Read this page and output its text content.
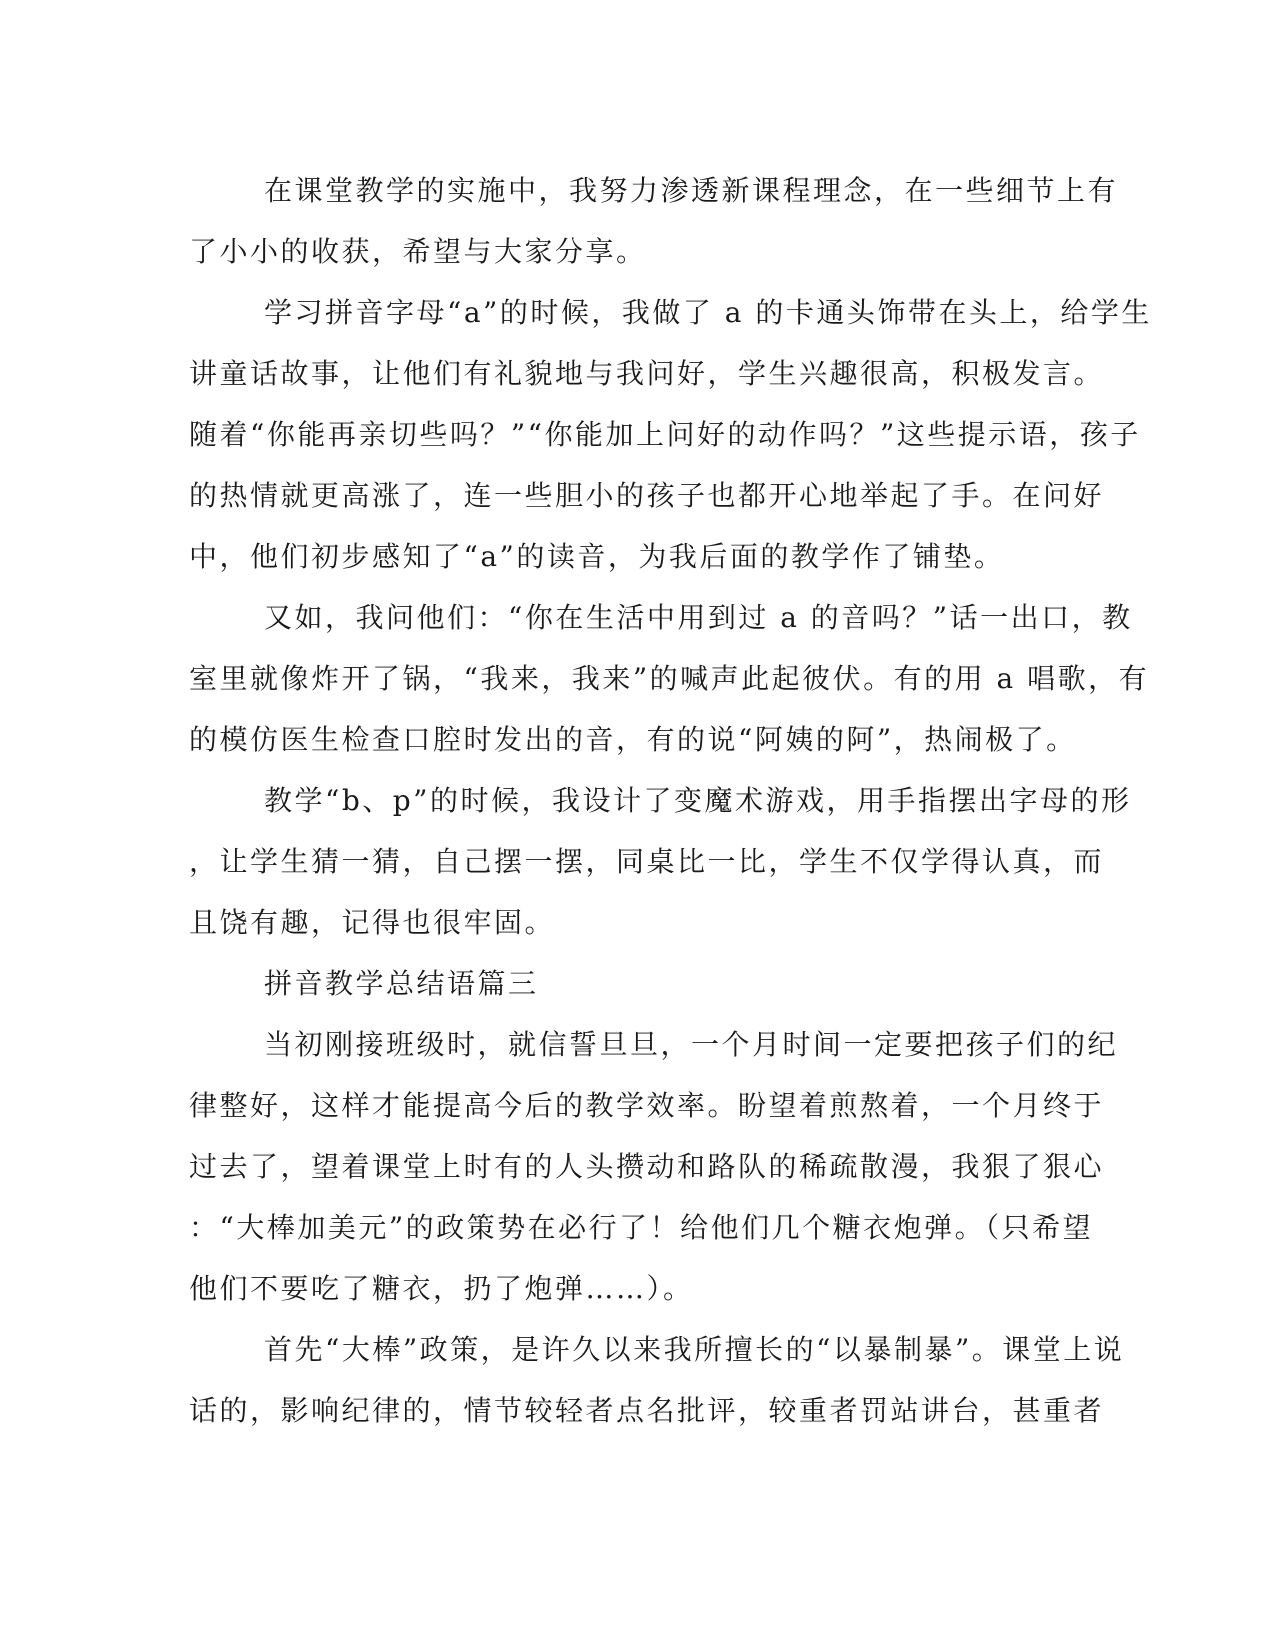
在课堂教学的实施中，我努力渗透新课程理念，在一些细节上有
了小小的收获，希望与大家分享。
学习拼音字母“a”的时候，我做了 a 的卡通头饰带在头上，给学生
讲童话故事，让他们有礼貌地与我问好，学生兴趣很高，积极发言。
随着“你能再亲切些吗？”“你能加上问好的动作吗？”这些提示语，孩子
的热情就更高涨了，连一些胆小的孩子也都开心地举起了手。在问好
中，他们初步感知了“a”的读音，为我后面的教学作了铺垫。
又如，我问他们：“你在生活中用到过 a 的音吗？”话一出口，教
室里就像炸开了锅，“我来，我来”的喊声此起彼伏。有的用 a 唱歌，有
的模仿医生检查口腔时发出的音，有的说“阿姨的阿”，热闹极了。
教学“b、p”的时候，我设计了变魔术游戏，用手指摆出字母的形
，让学生猜一猜，自己摆一摆，同桌比一比，学生不仅学得认真，而
且饶有趣，记得也很牢固。
拼音教学总结语篇三
当初刚接班级时，就信誓旦旦，一个月时间一定要把孩子们的纪
律整好，这样才能提高今后的教学效率。盼望着煎熬着，一个月终于
过去了，望着课堂上时有的人头攒动和路队的稀疏散漫，我狠了狠心
：“大棒加美元”的政策势在必行了！给他们几个糖衣炮弹。（只希望
他们不要吃了糖衣，扔了炮弹……）。
首先“大棒”政策，是许久以来我所擅长的“以暴制暴”。课堂上说
话的，影响纪律的，情节较轻者点名批评，较重者罚站讲台，甚重者
